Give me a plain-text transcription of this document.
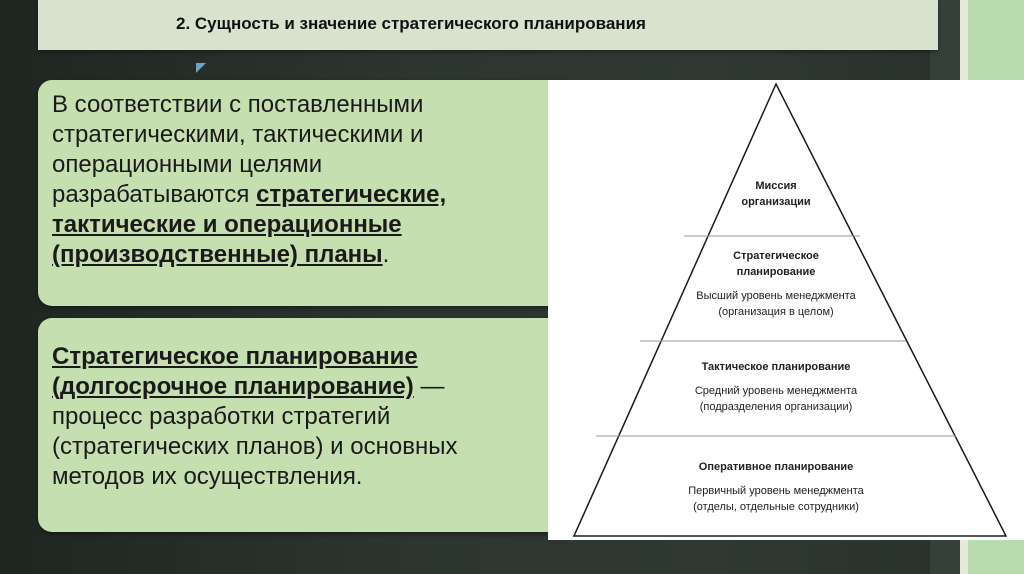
2. Сущность и значение стратегического планирования
В соответствии с поставленными
стратегическими, тактическими и
операционными целями
разрабатываются стратегические,
тактические и операционные
(производственные) планы.
Стратегическое планирование
(долгосрочное планирование) —
процесс разработки стратегий
(стратегических планов) и основных
методов их осуществления.
Миссия
организации
Стратегическое
планирование
Высший уровень менеджмента
(организация в целом)
Тактическое планирование
Средний уровень менеджмента
(подразделения организации)
Оперативное планирование
Первичный уровень менеджмента
(отделы, отдельные сотрудники)
